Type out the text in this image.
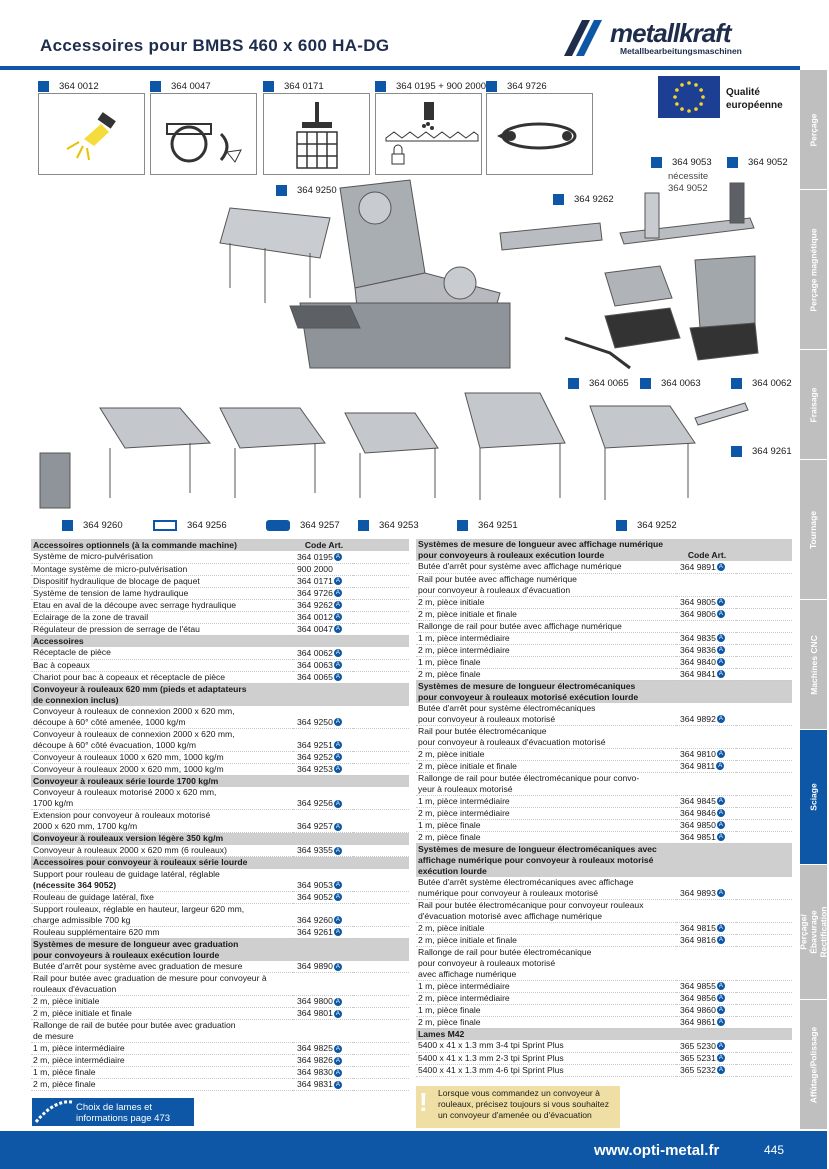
Accessoires pour BMBS 460 x 600 HA-DG	metallkraft
Metallbearbeitungsmaschinen
Perçage
Perçage magnétique
Fraisage
Tournage
Machines CNC
Sciage
Perçage/Ébavurage Rectification
Affûtage/Polissage
364 0012	364 0047	364 0171	364 0195 + 900 2000 364 9726
Qualité
européenne
364 9053
nécessite
364 9052
364 9052
364 9262
364 9250
364 0065	364 0063	364 0062
364 9261
364 9260	364 9256	364 9257	364 9253	364 9251	364 9252
Accessoires optionnels (à la commande machine)	Code Art.	

Système de micro-pulvérisation	364 0195 A	

Montage système de micro-pulvérisation	900 2000	

Dispositif hydraulique de blocage de paquet	364 0171 A	

Système de tension de lame hydraulique	364 9726 A	

Etau en aval de la découpe avec serrage hydraulique	364 9262 A	

Eclairage de la zone de travail	364 0012 A	

Régulateur de pression de serrage de l'étau	364 0047 A	

Accessoires		

Réceptacle de pièce	364 0062 A	

Bac à copeaux	364 0063 A	

Chariot pour bac à copeaux et réceptacle de pièce	364 0065 A	

Convoyeur à rouleaux 620 mm (pieds et adaptateurs
de connexion inclus)		

Convoyeur à rouleaux de connexion 2000 x 620 mm,
découpe à 60° côté amenée, 1000 kg/m	364 9250 A	

Convoyeur à rouleaux de connexion 2000 x 620 mm,
découpe à 60° côté évacuation, 1000 kg/m	364 9251 A	

Convoyeur à rouleaux 1000 x 620 mm, 1000 kg/m	364 9252 A	

Convoyeur à rouleaux 2000 x 620 mm, 1000 kg/m	364 9253 A	

Convoyeur à rouleaux série lourde 1700 kg/m		

Convoyeur à rouleaux motorisé 2000 x 620 mm,
1700 kg/m	364 9256 A	

Extension pour convoyeur à rouleaux motorisé
2000 x 620 mm, 1700 kg/m	364 9257 A	

Convoyeur à rouleaux version légère 350 kg/m		

Convoyeur à rouleaux 2000 x 620 mm (6 rouleaux)	364 9355 A	

Accessoires pour convoyeur à rouleaux série lourde		

Support pour rouleau de guidage latéral, réglable
(nécessite 364 9052)	364 9053 A	

Rouleau de guidage latéral, fixe	364 9052 A	

Support rouleaux, réglable en hauteur, largeur 620 mm,
charge admissible 700 kg	364 9260 A	

Rouleau supplémentaire 620 mm	364 9261 A	

Systèmes de mesure de longueur avec graduation
pour convoyeurs à rouleaux exécution lourde		

Butée d'arrêt pour système avec graduation de mesure	364 9890 A	

Rail pour butée avec graduation de mesure pour convoyeur à
rouleaux d'évacuation		

2 m, pièce initiale	364 9800 A	

2 m, pièce initiale et finale	364 9801 A	

Rallonge de rail de butée pour butée avec graduation
de mesure		

1 m, pièce intermédiaire	364 9825 A	

2 m, pièce intermédiaire	364 9826 A	

1 m, pièce finale	364 9830 A	

2 m, pièce finale	364 9831 A	
Systèmes de mesure de longueur avec affichage numérique
pour convoyeurs à rouleaux exécution lourde	Code Art.	

Butée d'arrêt pour système avec affichage numérique	364 9891 A	

Rail pour butée avec affichage numérique
pour convoyeur à rouleaux d'évacuation		

2 m, pièce initiale	364 9805 A	

2 m, pièce initiale et finale	364 9806 A	

Rallonge de rail pour butée avec affichage numérique		

1 m, pièce intermédiaire	364 9835 A	

2 m, pièce intermédiaire	364 9836 A	

1 m, pièce finale	364 9840 A	

2 m, pièce finale	364 9841 A	

Systèmes de mesure de longueur électromécaniques
pour convoyeur à rouleaux motorisé exécution lourde		

Butée d'arrêt pour système électromécaniques
pour convoyeur à rouleaux motorisé	364 9892 A	

Rail pour butée électromécanique
pour convoyeur à rouleaux d'évacuation motorisé		

2 m, pièce initiale	364 9810 A	

2 m, pièce initiale et finale	364 9811 A	

Rallonge de rail pour butée électromécanique pour convo-
yeur à rouleaux motorisé		

1 m, pièce intermédiaire	364 9845 A	

2 m, pièce intermédiaire	364 9846 A	

1 m, pièce finale	364 9850 A	

2 m, pièce finale	364 9851 A	

Systèmes de mesure de longueur électromécaniques avec
affichage numérique pour convoyeur à rouleaux motorisé
exécution lourde		

Butée d'arrêt système électromécaniques avec affichage
numérique pour convoyeur à rouleaux motorisé	364 9893 A	

Rail pour butée électromécanique pour convoyeur rouleaux
d'évacuation motorisé avec affichage numérique		

2 m, pièce initiale	364 9815 A	

2 m, pièce initiale et finale	364 9816 A	

Rallonge de rail pour butée électromécanique
pour convoyeur à rouleaux motorisé
avec affichage numérique		

1 m, pièce intermédiaire	364 9855 A	

2 m, pièce intermédiaire	364 9856 A	

1 m, pièce finale	364 9860 A	

2 m, pièce finale	364 9861 A	

Lames M42		

5400 x 41 x 1.3 mm 3-4 tpi Sprint Plus	365 5230 A	

5400 x 41 x 1.3 mm 2-3 tpi Sprint Plus	365 5231 A	

5400 x 41 x 1.3 mm 4-6 tpi Sprint Plus	365 5232 A	
Choix de lames et
informations page 473
! Lorsque vous commandez un convoyeur à rouleaux, précisez toujours si vous souhaitez un convoyeur d'amenée ou d'évacuation
www.opti-metal.fr	445
